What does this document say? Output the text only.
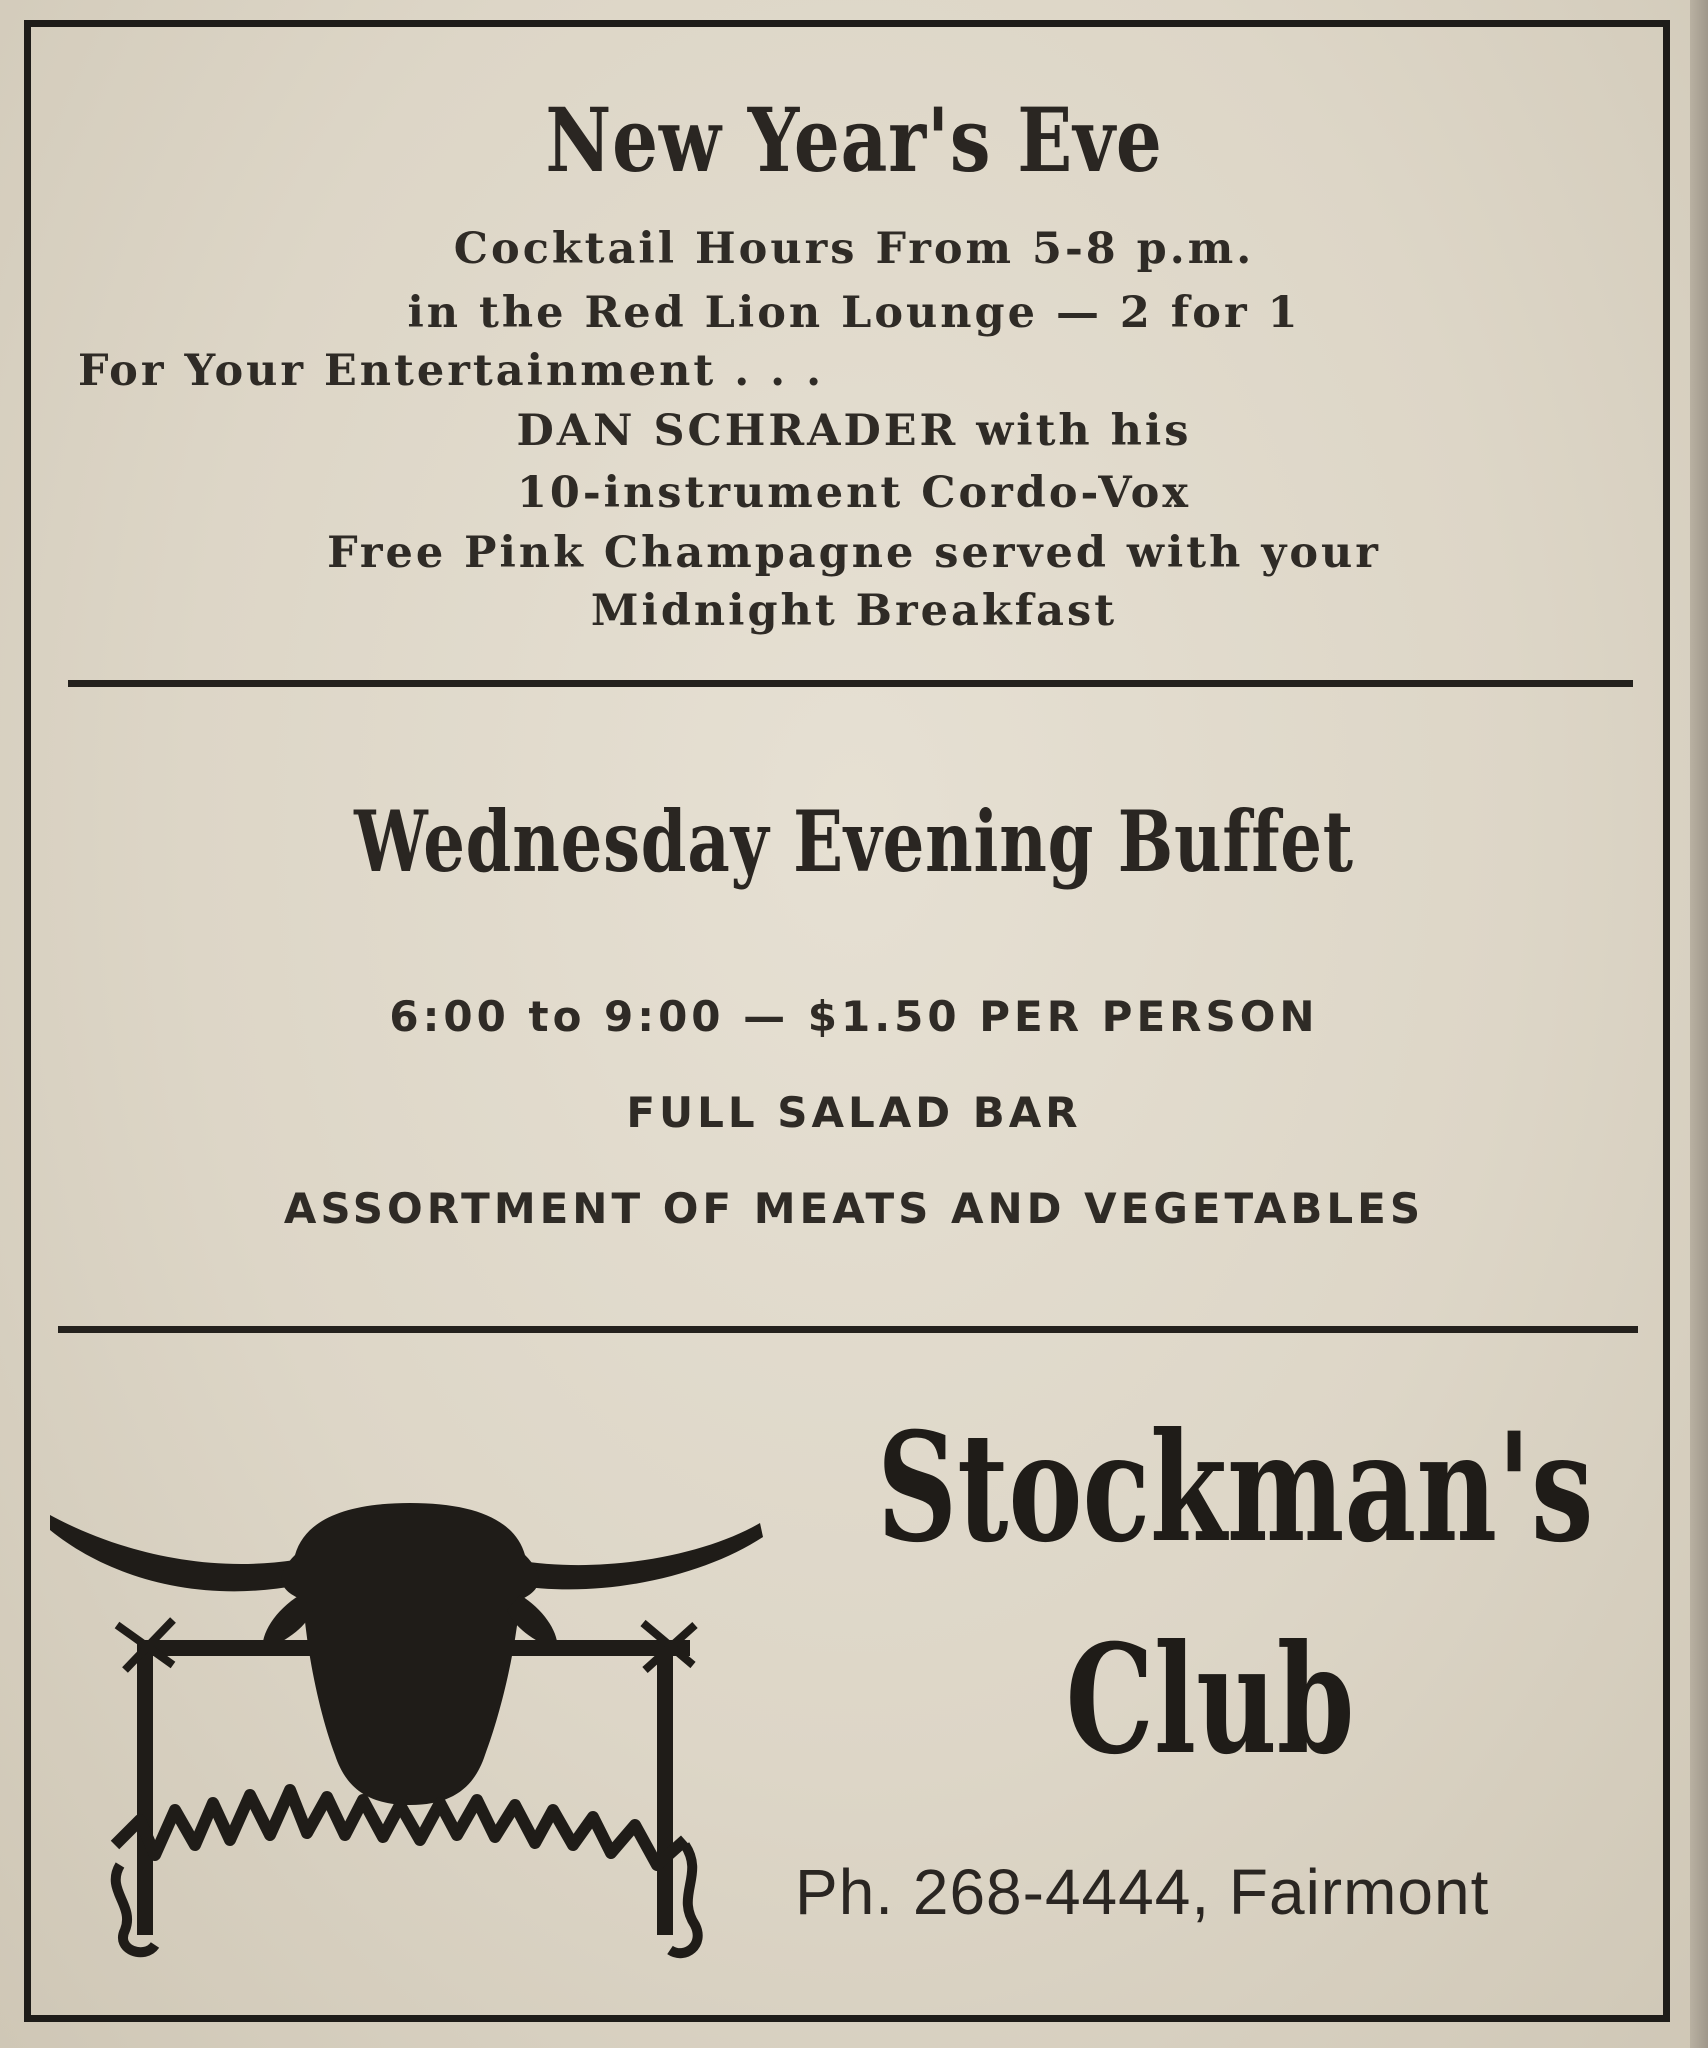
New Year's Eve
Cocktail Hours From 5-8 p.m.
in the Red Lion Lounge — 2 for 1
For Your Entertainment . . .
DAN SCHRADER with his
10-instrument Cordo-Vox
Free Pink Champagne served with your
Midnight Breakfast
Wednesday Evening Buffet
6:00 to 9:00 — $1.50 PER PERSON
FULL SALAD BAR
ASSORTMENT OF MEATS AND VEGETABLES
Stockman's
Club
Ph. 268-4444, Fairmont
